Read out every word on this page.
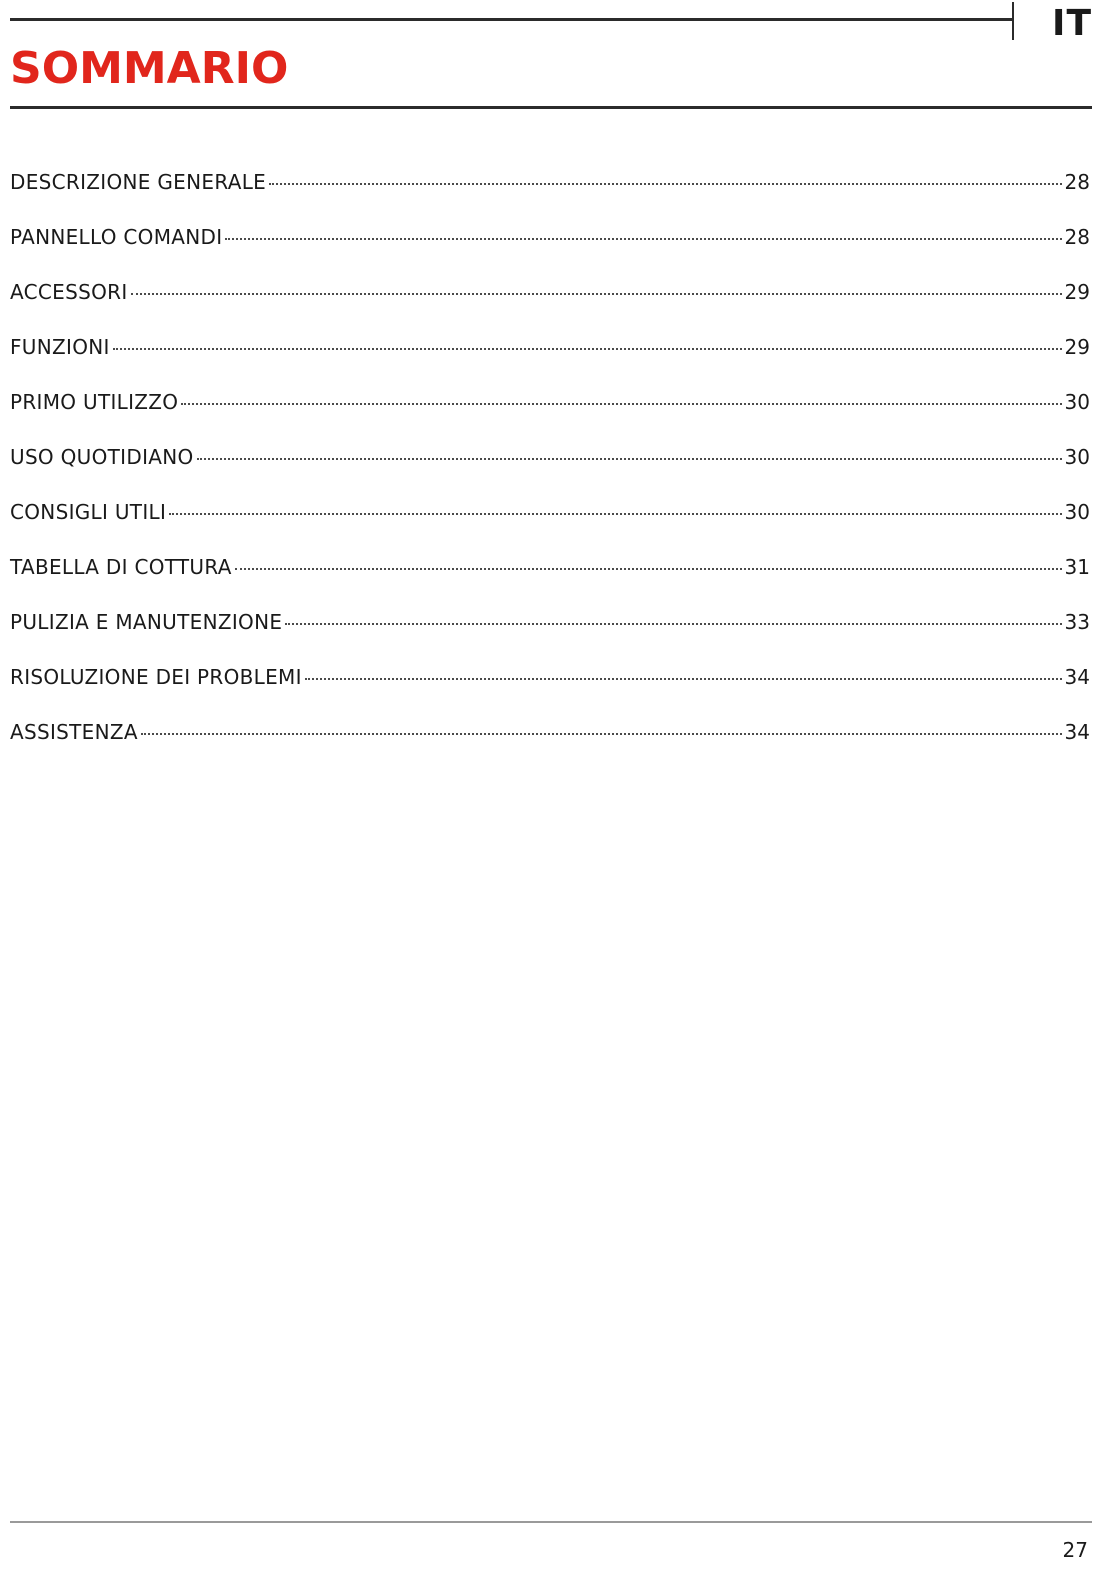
IT
SOMMARIO
DESCRIZIONE GENERALE	28
PANNELLO COMANDI	28
ACCESSORI	29
FUNZIONI	29
PRIMO UTILIZZO	30
USO QUOTIDIANO	30
CONSIGLI UTILI	30
TABELLA DI COTTURA	31
PULIZIA E MANUTENZIONE	33
RISOLUZIONE DEI PROBLEMI	34
ASSISTENZA	34
27
